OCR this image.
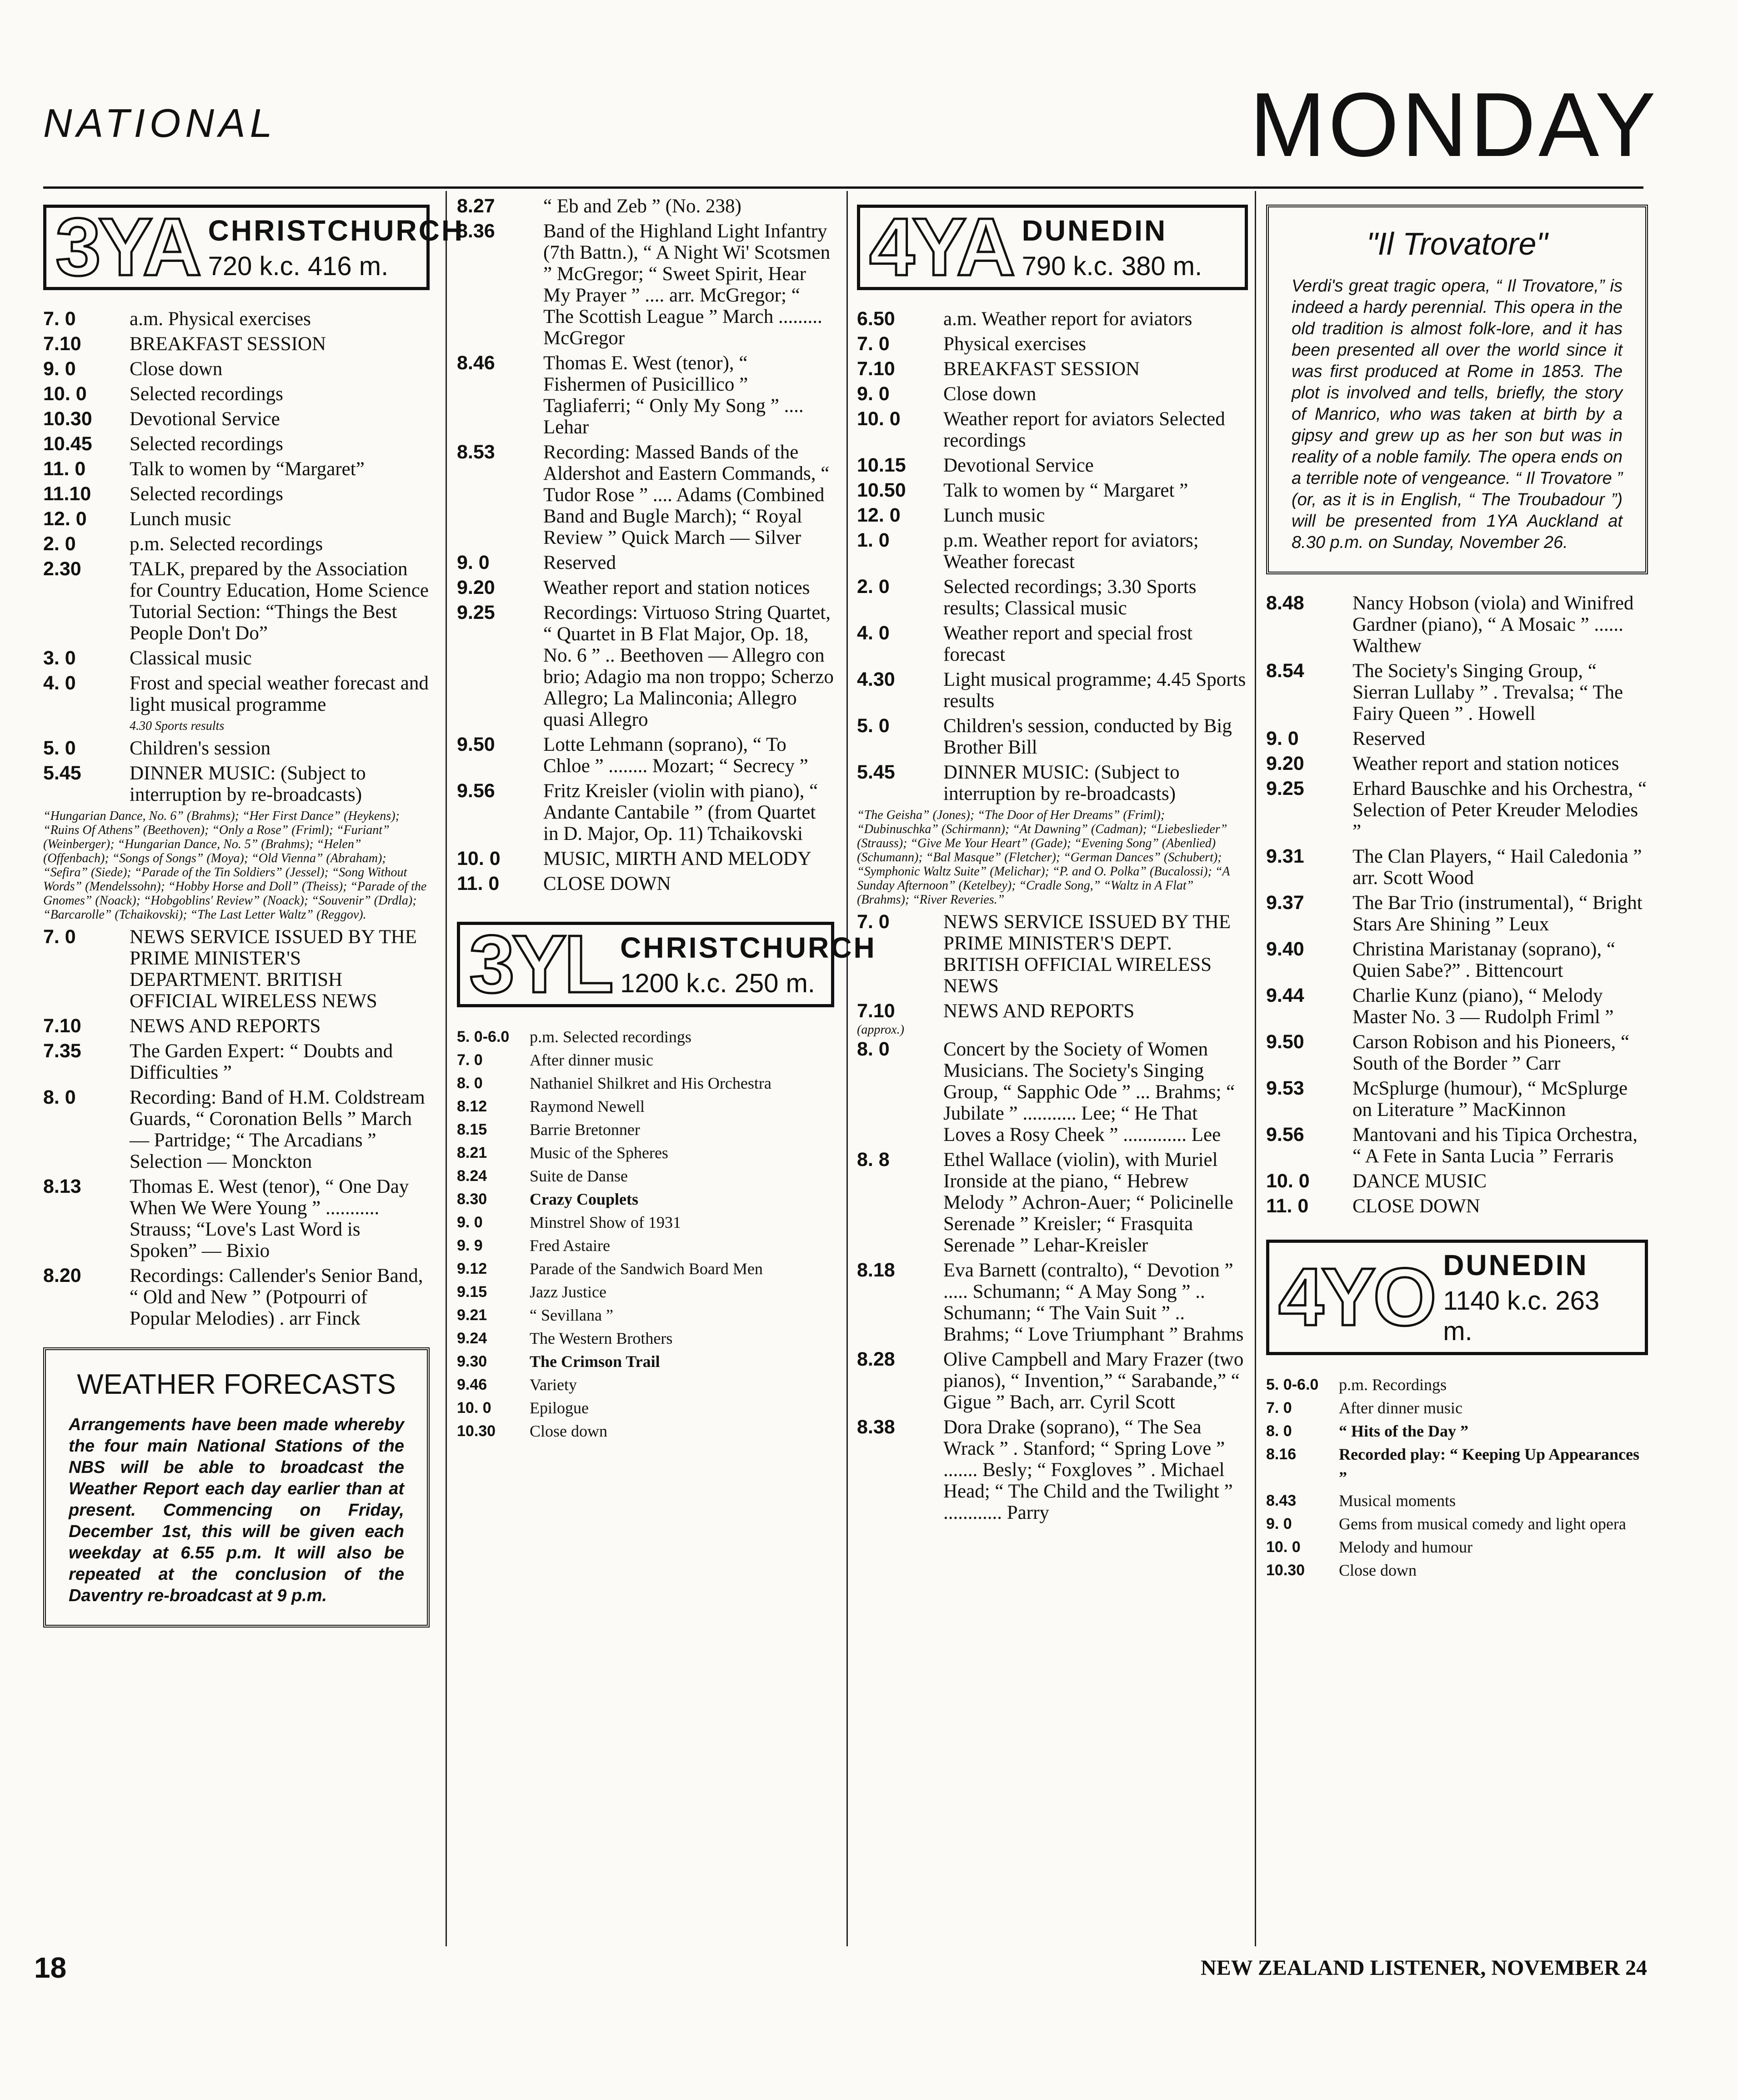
NATIONAL	MONDAY
3YA CHRISTCHURCH
720 k.c. 416 m.
7. 0	a.m. Physical exercises
7.10	BREAKFAST SESSION
9. 0	Close down
10. 0	Selected recordings
10.30	Devotional Service
10.45	Selected recordings
11. 0	Talk to women by “Margaret”
11.10	Selected recordings
12. 0	Lunch music
2. 0	p.m. Selected recordings
2.30	TALK, prepared by the Association for Country Education, Home Science Tutorial Section: “Things the Best People Don't Do”
3. 0	Classical music
4. 0	Frost and special weather forecast and light musical programme
4.30 Sports results
5. 0	Children's session
5.45	DINNER MUSIC: (Subject to interruption by re-broadcasts)
“Hungarian Dance, No. 6” (Brahms); “Her First Dance” (Heykens); “Ruins Of Athens” (Beethoven); “Only a Rose” (Friml); “Furiant” (Weinberger); “Hungarian Dance, No. 5” (Brahms); “Helen” (Offenbach); “Songs of Songs” (Moya); “Old Vienna” (Abraham); “Sefira” (Siede); “Parade of the Tin Soldiers” (Jessel); “Song Without Words” (Mendelssohn); “Hobby Horse and Doll” (Theiss); “Parade of the Gnomes” (Noack); “Hobgoblins' Review” (Noack); “Souvenir” (Drdla); “Barcarolle” (Tchaikovski); “The Last Letter Waltz” (Reggov).
7. 0	NEWS SERVICE ISSUED BY THE PRIME MINISTER'S DEPARTMENT. BRITISH OFFICIAL WIRELESS NEWS
7.10	NEWS AND REPORTS
7.35	The Garden Expert: “ Doubts and Difficulties ”
8. 0	Recording: Band of H.M. Coldstream Guards, “ Coronation Bells ” March — Partridge; “ The Arcadians ” Selection — Monckton
8.13	Thomas E. West (tenor), “ One Day When We Were Young ” ........... Strauss; “Love's Last Word is Spoken” — Bixio
8.20	Recordings: Callender's Senior Band, “ Old and New ” (Potpourri of Popular Melodies) . arr Finck
WEATHER FORECASTS
Arrangements have been made whereby the four main National Stations of the NBS will be able to broadcast the Weather Report each day earlier than at present. Commencing on Friday, December 1st, this will be given each weekday at 6.55 p.m. It will also be repeated at the conclusion of the Daventry re-broadcast at 9 p.m.
8.27	“ Eb and Zeb ” (No. 238)
8.36	Band of the Highland Light Infantry (7th Battn.), “ A Night Wi' Scotsmen ” McGregor; “ Sweet Spirit, Hear My Prayer ” .... arr. McGregor; “ The Scottish League ” March ......... McGregor
8.46	Thomas E. West (tenor), “ Fishermen of Pusicillico ” Tagliaferri; “ Only My Song ” .... Lehar
8.53	Recording: Massed Bands of the Aldershot and Eastern Commands, “ Tudor Rose ” .... Adams (Combined Band and Bugle March); “ Royal Review ” Quick March — Silver
9. 0	Reserved
9.20	Weather report and station notices
9.25	Recordings: Virtuoso String Quartet, “ Quartet in B Flat Major, Op. 18, No. 6 ” .. Beethoven — Allegro con brio; Adagio ma non troppo; Scherzo Allegro; La Malinconia; Allegro quasi Allegro
9.50	Lotte Lehmann (soprano), “ To Chloe ” ........ Mozart; “ Secrecy ”
9.56	Fritz Kreisler (violin with piano), “ Andante Cantabile ” (from Quartet in D. Major, Op. 11) Tchaikovski
10. 0	MUSIC, MIRTH AND MELODY
11. 0	CLOSE DOWN
3YL CHRISTCHURCH
1200 k.c. 250 m.
5. 0-6.0	p.m. Selected recordings
7. 0	After dinner music
8. 0	Nathaniel Shilkret and His Orchestra
8.12	Raymond Newell
8.15	Barrie Bretonner
8.21	Music of the Spheres
8.24	Suite de Danse
8.30	Crazy Couplets
9. 0	Minstrel Show of 1931
9. 9	Fred Astaire
9.12	Parade of the Sandwich Board Men
9.15	Jazz Justice
9.21	“ Sevillana ”
9.24	The Western Brothers
9.30	The Crimson Trail
9.46	Variety
10. 0	Epilogue
10.30	Close down
4YA DUNEDIN
790 k.c. 380 m.
6.50	a.m. Weather report for aviators
7. 0	Physical exercises
7.10	BREAKFAST SESSION
9. 0	Close down
10. 0	Weather report for aviators Selected recordings
10.15	Devotional Service
10.50	Talk to women by “ Margaret ”
12. 0	Lunch music
1. 0	p.m. Weather report for aviators; Weather forecast
2. 0	Selected recordings; 3.30 Sports results; Classical music
4. 0	Weather report and special frost forecast
4.30	Light musical programme; 4.45 Sports results
5. 0	Children's session, conducted by Big Brother Bill
5.45	DINNER MUSIC: (Subject to interruption by re-broadcasts)
“The Geisha” (Jones); “The Door of Her Dreams” (Friml); “Dubinuschka” (Schirmann); “At Dawning” (Cadman); “Liebeslieder” (Strauss); “Give Me Your Heart” (Gade); “Evening Song” (Abenlied) (Schumann); “Bal Masque” (Fletcher); “German Dances” (Schubert); “Symphonic Waltz Suite” (Melichar); “P. and O. Polka” (Bucalossi); “A Sunday Afternoon” (Ketelbey); “Cradle Song,” “Waltz in A Flat” (Brahms); “River Reveries.”
7. 0	NEWS SERVICE ISSUED BY THE PRIME MINISTER'S DEPT. BRITISH OFFICIAL WIRELESS NEWS
7.10	NEWS AND REPORTS
(approx.)
8. 0	Concert by the Society of Women Musicians. The Society's Singing Group, “ Sapphic Ode ” ... Brahms; “ Jubilate ” ........... Lee; “ He That Loves a Rosy Cheek ” ............. Lee
8. 8	Ethel Wallace (violin), with Muriel Ironside at the piano, “ Hebrew Melody ” Achron-Auer; “ Policinelle Serenade ” Kreisler; “ Frasquita Serenade ” Lehar-Kreisler
8.18	Eva Barnett (contralto), “ Devotion ” ..... Schumann; “ A May Song ” .. Schumann; “ The Vain Suit ” .. Brahms; “ Love Triumphant ” Brahms
8.28	Olive Campbell and Mary Frazer (two pianos), “ Invention,” “ Sarabande,” “ Gigue ” Bach, arr. Cyril Scott
8.38	Dora Drake (soprano), “ The Sea Wrack ” . Stanford; “ Spring Love ” ....... Besly; “ Foxgloves ” . Michael Head; “ The Child and the Twilight ” ............ Parry
"Il Trovatore"
Verdi's great tragic opera, “ Il Trovatore,” is indeed a hardy perennial. This opera in the old tradition is almost folk-lore, and it has been presented all over the world since it was first produced at Rome in 1853. The plot is involved and tells, briefly, the story of Manrico, who was taken at birth by a gipsy and grew up as her son but was in reality of a noble family. The opera ends on a terrible note of vengeance. “ Il Trovatore ” (or, as it is in English, “ The Troubadour ”) will be presented from 1YA Auckland at 8.30 p.m. on Sunday, November 26.
8.48	Nancy Hobson (viola) and Winifred Gardner (piano), “ A Mosaic ” ...... Walthew
8.54	The Society's Singing Group, “ Sierran Lullaby ” . Trevalsa; “ The Fairy Queen ” . Howell
9. 0	Reserved
9.20	Weather report and station notices
9.25	Erhard Bauschke and his Orchestra, “ Selection of Peter Kreuder Melodies ”
9.31	The Clan Players, “ Hail Caledonia ” arr. Scott Wood
9.37	The Bar Trio (instrumental), “ Bright Stars Are Shining ” Leux
9.40	Christina Maristanay (soprano), “ Quien Sabe?” . Bittencourt
9.44	Charlie Kunz (piano), “ Melody Master No. 3 — Rudolph Friml ”
9.50	Carson Robison and his Pioneers, “ South of the Border ” Carr
9.53	McSplurge (humour), “ McSplurge on Literature ” MacKinnon
9.56	Mantovani and his Tipica Orchestra, “ A Fete in Santa Lucia ” Ferraris
10. 0	DANCE MUSIC
11. 0	CLOSE DOWN
4YO DUNEDIN
1140 k.c. 263 m.
5. 0-6.0	p.m. Recordings
7. 0	After dinner music
8. 0	“ Hits of the Day ”
8.16	Recorded play: “ Keeping Up Appearances ”
8.43	Musical moments
9. 0	Gems from musical comedy and light opera
10. 0	Melody and humour
10.30	Close down
18	NEW ZEALAND LISTENER, NOVEMBER 24
